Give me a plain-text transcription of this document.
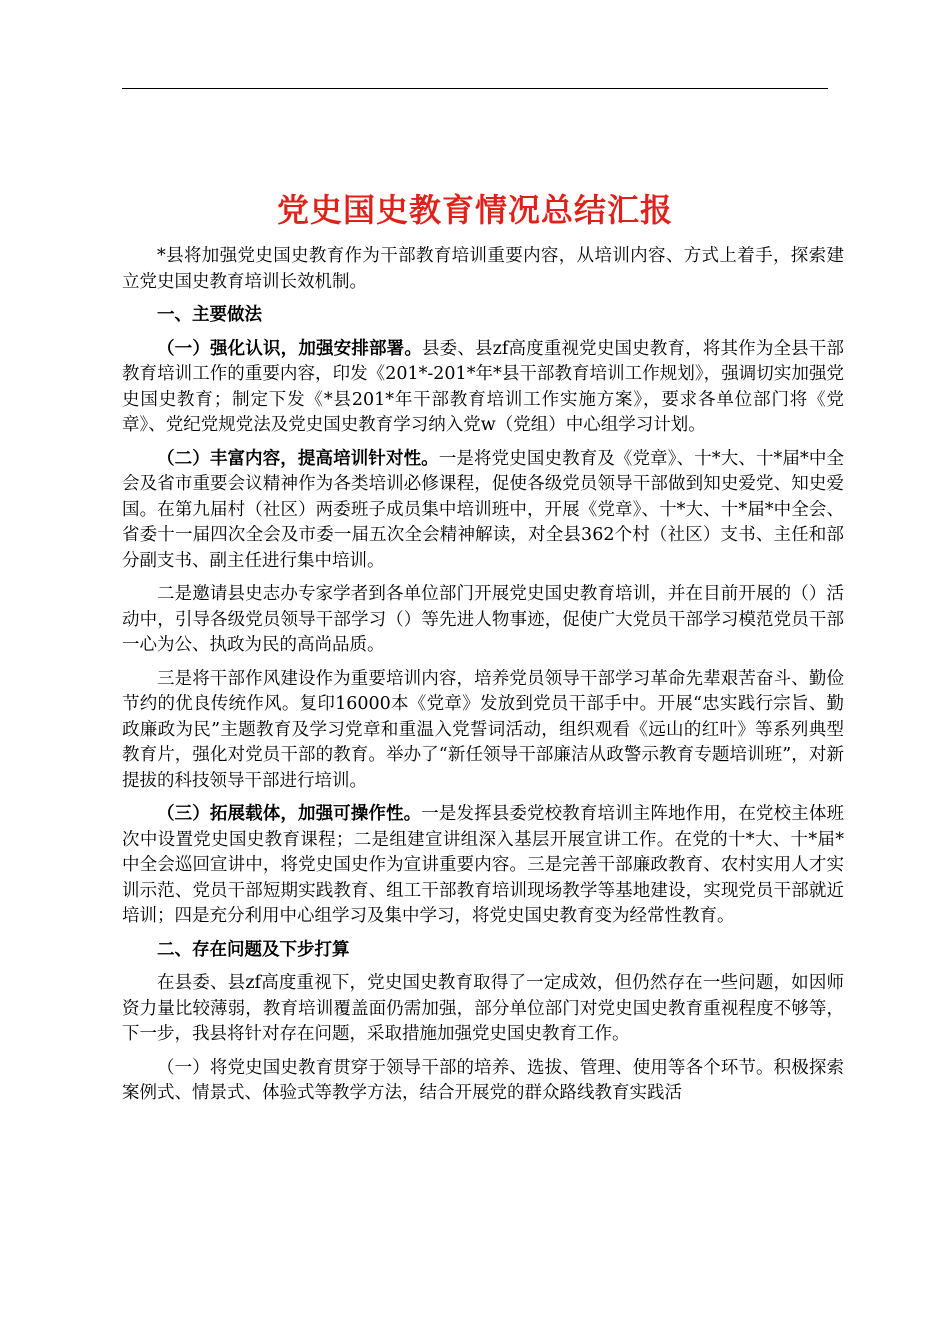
党史国史教育情况总结汇报

*县将加强党史国史教育作为干部教育培训重要内容，从培训内容、方式上着手，探索建立党史国史教育培训长效机制。

一、主要做法

（一）强化认识，加强安排部署。县委、县zf高度重视党史国史教育，将其作为全县干部教育培训工作的重要内容，印发《201*-201*年*县干部教育培训工作规划》，强调切实加强党史国史教育；制定下发《*县201*年干部教育培训工作实施方案》，要求各单位部门将《党章》、党纪党规党法及党史国史教育学习纳入党w（党组）中心组学习计划。

（二）丰富内容，提高培训针对性。一是将党史国史教育及《党章》、十*大、十*届*中全会及省市重要会议精神作为各类培训必修课程，促使各级党员领导干部做到知史爱党、知史爱国。在第九届村（社区）两委班子成员集中培训班中，开展《党章》、十*大、十*届*中全会、省委十一届四次全会及市委一届五次全会精神解读，对全县362个村（社区）支书、主任和部分副支书、副主任进行集中培训。

二是邀请县史志办专家学者到各单位部门开展党史国史教育培训，并在目前开展的（）活动中，引导各级党员领导干部学习（）等先进人物事迹，促使广大党员干部学习模范党员干部一心为公、执政为民的高尚品质。

三是将干部作风建设作为重要培训内容，培养党员领导干部学习革命先辈艰苦奋斗、勤俭节约的优良传统作风。复印16000本《党章》发放到党员干部手中。开展“忠实践行宗旨、勤政廉政为民”主题教育及学习党章和重温入党誓词活动，组织观看《远山的红叶》等系列典型教育片，强化对党员干部的教育。举办了“新任领导干部廉洁从政警示教育专题培训班”，对新提拔的科技领导干部进行培训。

（三）拓展载体，加强可操作性。一是发挥县委党校教育培训主阵地作用，在党校主体班次中设置党史国史教育课程；二是组建宣讲组深入基层开展宣讲工作。在党的十*大、十*届*中全会巡回宣讲中，将党史国史作为宣讲重要内容。三是完善干部廉政教育、农村实用人才实训示范、党员干部短期实践教育、组工干部教育培训现场教学等基地建设，实现党员干部就近培训；四是充分利用中心组学习及集中学习，将党史国史教育变为经常性教育。

二、存在问题及下步打算

在县委、县zf高度重视下，党史国史教育取得了一定成效，但仍然存在一些问题，如因师资力量比较薄弱，教育培训覆盖面仍需加强，部分单位部门对党史国史教育重视程度不够等，下一步，我县将针对存在问题，采取措施加强党史国史教育工作。

（一）将党史国史教育贯穿于领导干部的培养、选拔、管理、使用等各个环节。积极探索案例式、情景式、体验式等教学方法，结合开展党的群众路线教育实践活
